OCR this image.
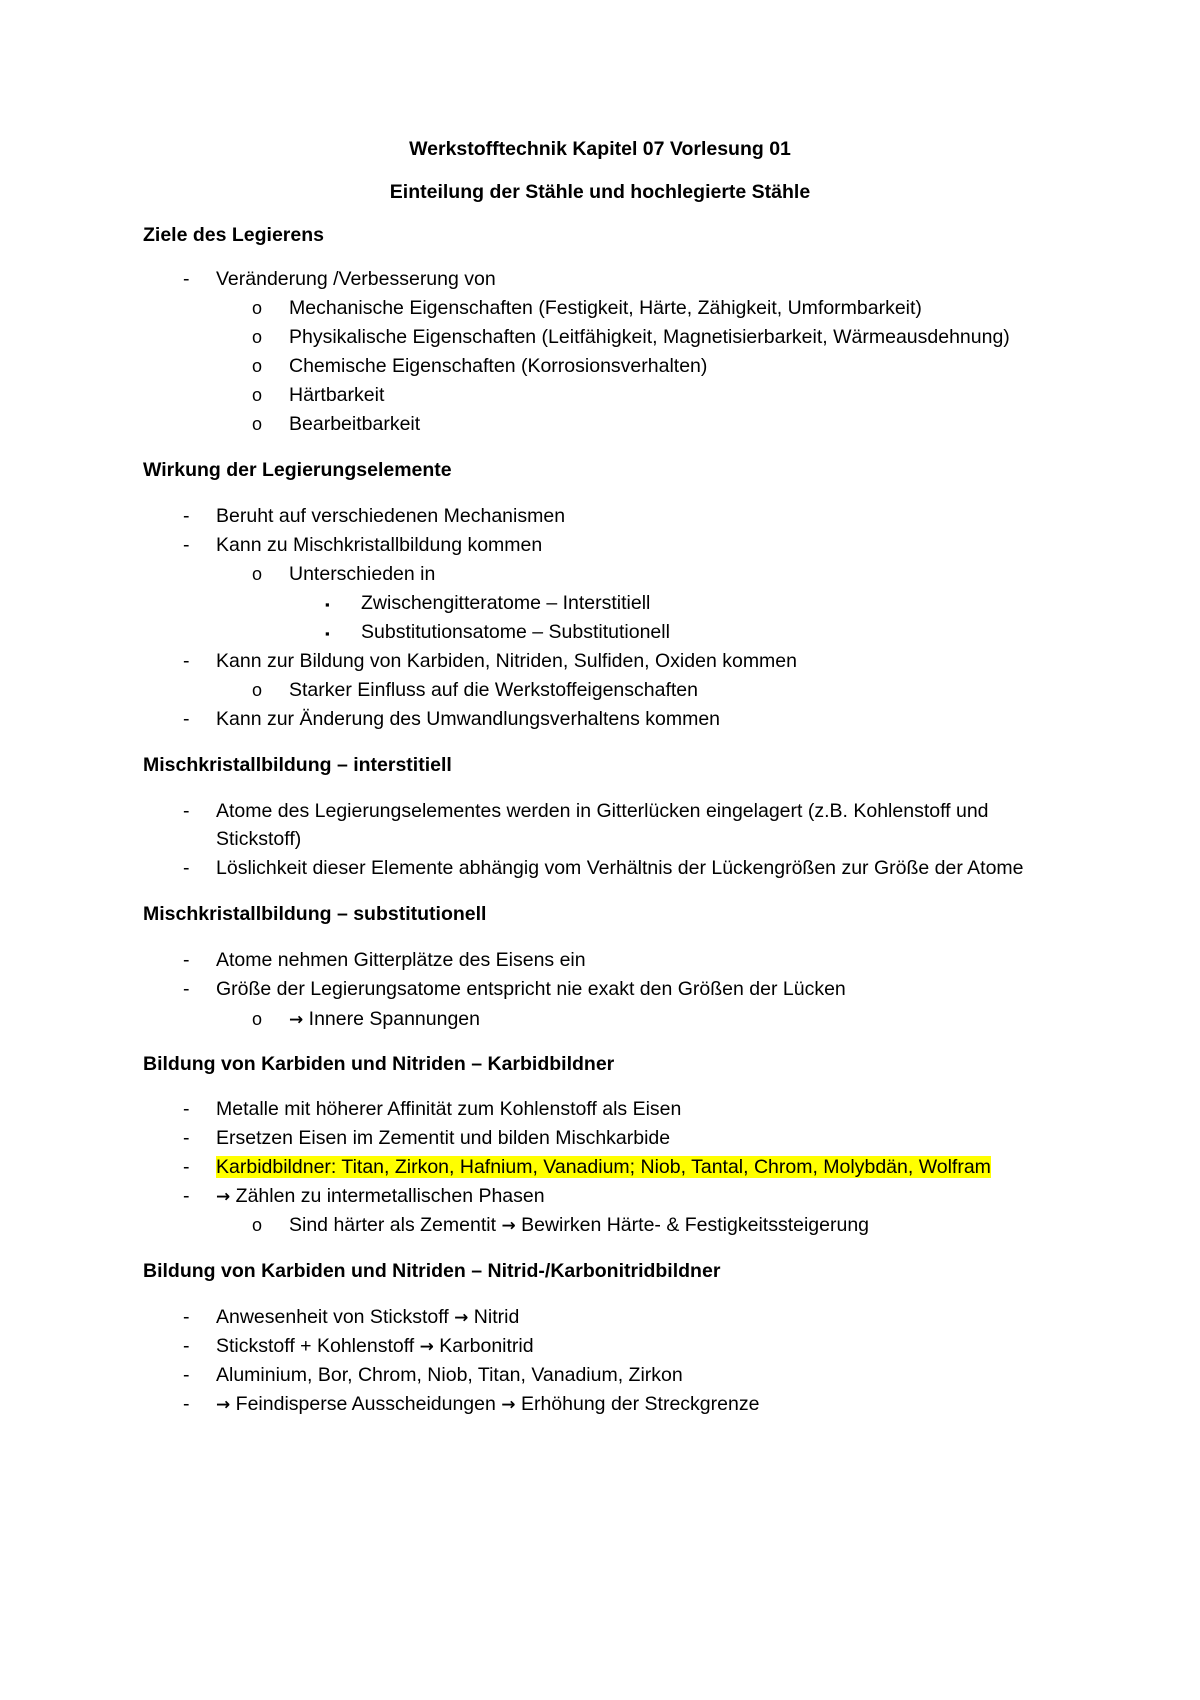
Werkstofftechnik Kapitel 07 Vorlesung 01
Einteilung der Stähle und hochlegierte Stähle
Ziele des Legierens
- Veränderung /Verbesserung von
o Mechanische Eigenschaften (Festigkeit, Härte, Zähigkeit, Umformbarkeit)
o Physikalische Eigenschaften (Leitfähigkeit, Magnetisierbarkeit, Wärmeausdehnung)
o Chemische Eigenschaften (Korrosionsverhalten)
o Härtbarkeit
o Bearbeitbarkeit
Wirkung der Legierungselemente
- Beruht auf verschiedenen Mechanismen
- Kann zu Mischkristallbildung kommen
o Unterschieden in
▪ Zwischengitteratome – Interstitiell
▪ Substitutionsatome – Substitutionell
- Kann zur Bildung von Karbiden, Nitriden, Sulfiden, Oxiden kommen
o Starker Einfluss auf die Werkstoffeigenschaften
- Kann zur Änderung des Umwandlungsverhaltens kommen
Mischkristallbildung – interstitiell
- Atome des Legierungselementes werden in Gitterlücken eingelagert (z.B. Kohlenstoff und
Stickstoff)
- Löslichkeit dieser Elemente abhängig vom Verhältnis der Lückengrößen zur Größe der Atome
Mischkristallbildung – substitutionell
- Atome nehmen Gitterplätze des Eisens ein
- Größe der Legierungsatome entspricht nie exakt den Größen der Lücken
o → Innere Spannungen
Bildung von Karbiden und Nitriden – Karbidbildner
- Metalle mit höherer Affinität zum Kohlenstoff als Eisen
- Ersetzen Eisen im Zementit und bilden Mischkarbide
- Karbidbildner: Titan, Zirkon, Hafnium, Vanadium; Niob, Tantal, Chrom, Molybdän, Wolfram
- → Zählen zu intermetallischen Phasen
o Sind härter als Zementit → Bewirken Härte- & Festigkeitssteigerung
Bildung von Karbiden und Nitriden – Nitrid-/Karbonitridbildner
- Anwesenheit von Stickstoff → Nitrid
- Stickstoff + Kohlenstoff → Karbonitrid
- Aluminium, Bor, Chrom, Niob, Titan, Vanadium, Zirkon
- → Feindisperse Ausscheidungen → Erhöhung der Streckgrenze
